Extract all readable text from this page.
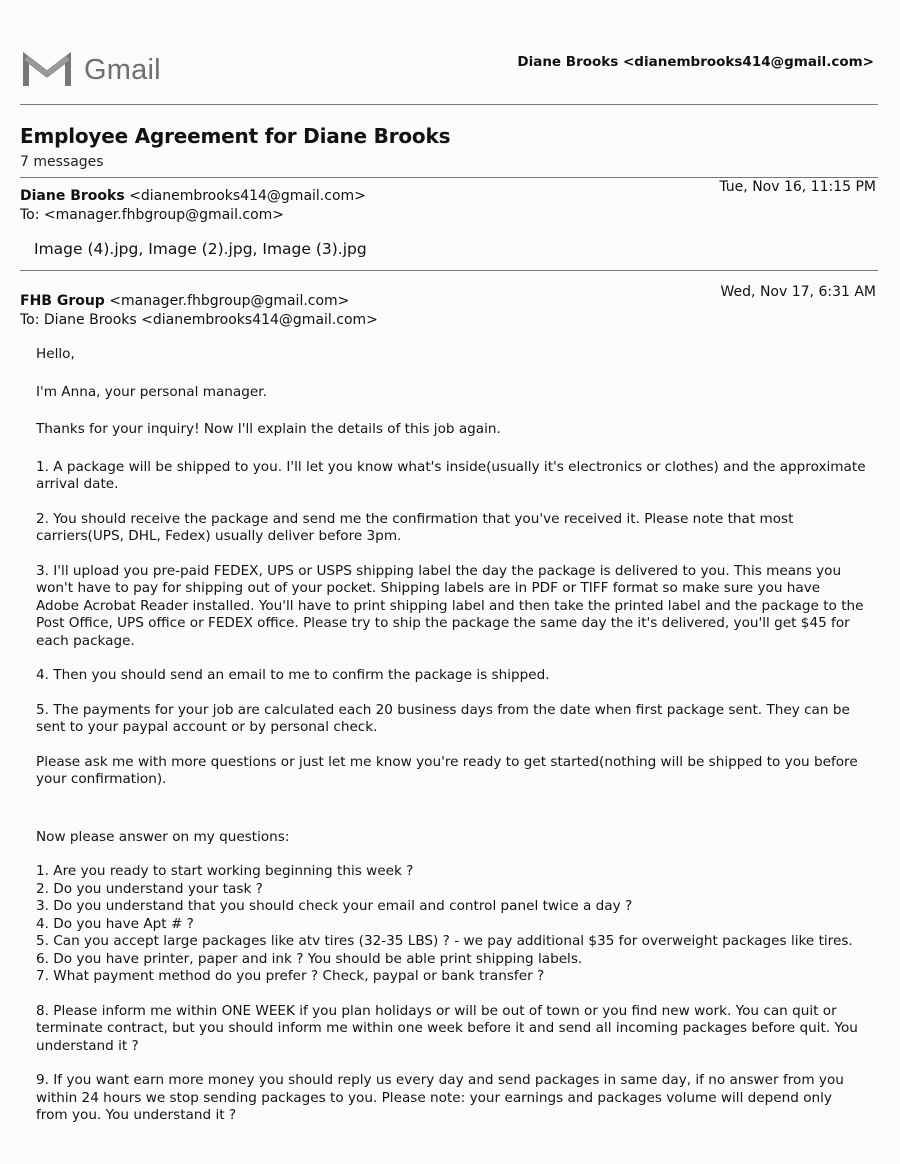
Gmail	Diane Brooks <dianembrooks414@gmail.com>
Employee Agreement for Diane Brooks
7 messages
Diane Brooks <dianembrooks414@gmail.com>
Tue, Nov 16, 11:15 PM
To: <manager.fhbgroup@gmail.com>
Image (4).jpg, Image (2).jpg, Image (3).jpg
FHB Group <manager.fhbgroup@gmail.com>
Wed, Nov 17, 6:31 AM
To: Diane Brooks <dianembrooks414@gmail.com>

Hello,

I'm Anna, your personal manager.

Thanks for your inquiry! Now I'll explain the details of this job again.

1. A package will be shipped to you. I'll let you know what's inside(usually it's electronics or clothes) and the approximate arrival date.

2. You should receive the package and send me the confirmation that you've received it. Please note that most carriers(UPS, DHL, Fedex) usually deliver before 3pm.

3. I'll upload you pre-paid FEDEX, UPS or USPS shipping label the day the package is delivered to you. This means you won't have to pay for shipping out of your pocket. Shipping labels are in PDF or TIFF format so make sure you have Adobe Acrobat Reader installed. You'll have to print shipping label and then take the printed label and the package to the Post Office, UPS office or FEDEX office. Please try to ship the package the same day the it's delivered, you'll get $45 for each package.

4. Then you should send an email to me to confirm the package is shipped.

5. The payments for your job are calculated each 20 business days from the date when first package sent. They can be sent to your paypal account or by personal check.

Please ask me with more questions or just let me know you're ready to get started(nothing will be shipped to you before your confirmation).

Now please answer on my questions:

1. Are you ready to start working beginning this week ?

2. Do you understand your task ?

3. Do you understand that you should check your email and control panel twice a day ?

4. Do you have Apt # ?

5. Can you accept large packages like atv tires (32-35 LBS) ? - we pay additional $35 for overweight packages like tires.

6. Do you have printer, paper and ink ? You should be able print shipping labels.

7. What payment method do you prefer ? Check, paypal or bank transfer ?

8. Please inform me within ONE WEEK if you plan holidays or will be out of town or you find new work. You can quit or terminate contract, but you should inform me within one week before it and send all incoming packages before quit. You understand it ?

9. If you want earn more money you should reply us every day and send packages in same day, if no answer from you within 24 hours we stop sending packages to you. Please note: your earnings and packages volume will depend only from you. You understand it ?
